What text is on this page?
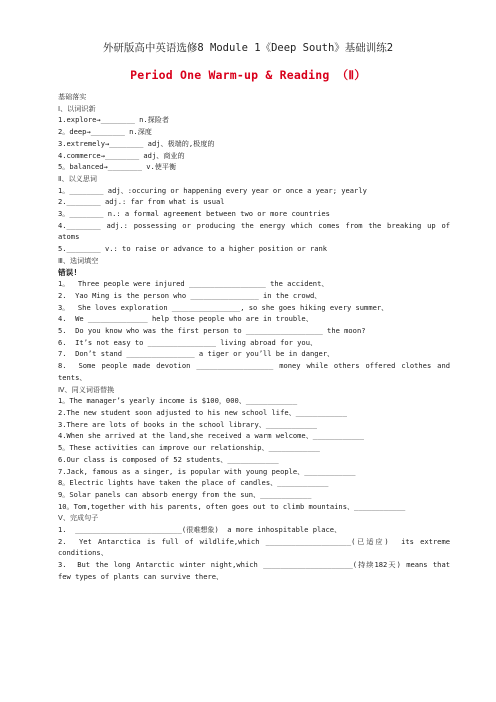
外研版高中英语选修8 Module 1《Deep South》基础训练2
Period One Warm-up & Reading （Ⅱ）

基础落实

Ⅰ、以词识新

1.explore→________ n.探险者

2。deep→________ n.深度

3.extremely→________ adj、极端的,极度的

4.commerce→________ adj、商业的

5。balanced→________ v.使平衡

Ⅱ、以义思词

1。________ adj、:occuring or happening every year or once a year; yearly

2.________ adj.: far from what is usual

3。________ n.: a formal agreement between two or more countries

4.________ adj.: possessing or producing the energy which comes from the breaking up of atoms

5.________ v.: to raise or advance to a higher position or rank

Ⅲ、选词填空

错误!

1。  Three people were injured __________________ the accident、

2.  Yao Ming is the person who ________________ in the crowd、

3。  She loves exploration ________________, so she goes hiking every summer、

4.  We ______________ help those people who are in trouble、

5.  Do you know who was the first person to __________________ the moon?

6.  It’s not easy to ________________ living abroad for you、

7.  Don’t stand ________________ a tiger or you’ll be in danger、

8.  Some people made devotion __________________ money while others offered clothes and tents、

Ⅳ、同义词语替换

1。The manager’s yearly income is $100，000、____________

2.The new student soon adjusted to his new school life、____________

3.There are lots of books in the school library、____________

4.When she arrived at the land,she received a warm welcome、____________

5。These activities can improve our relationship、____________

6.Our class is composed of 52 students、____________

7.Jack, famous as a singer, is popular with young people、____________

8。Electric lights have taken the place of candles、____________

9。Solar panels can absorb energy from the sun、____________

10。Tom,together with his parents, often goes out to climb mountains、____________

Ⅴ、完成句子

1.  _________________________(很难想象)  a more inhospitable place、

2.  Yet Antarctica is full of wildlife,which ____________________(已适应)  its extreme conditions、

3.  But the long Antarctic winter night,which _____________________(持续182天) means that few types of plants can survive there、
